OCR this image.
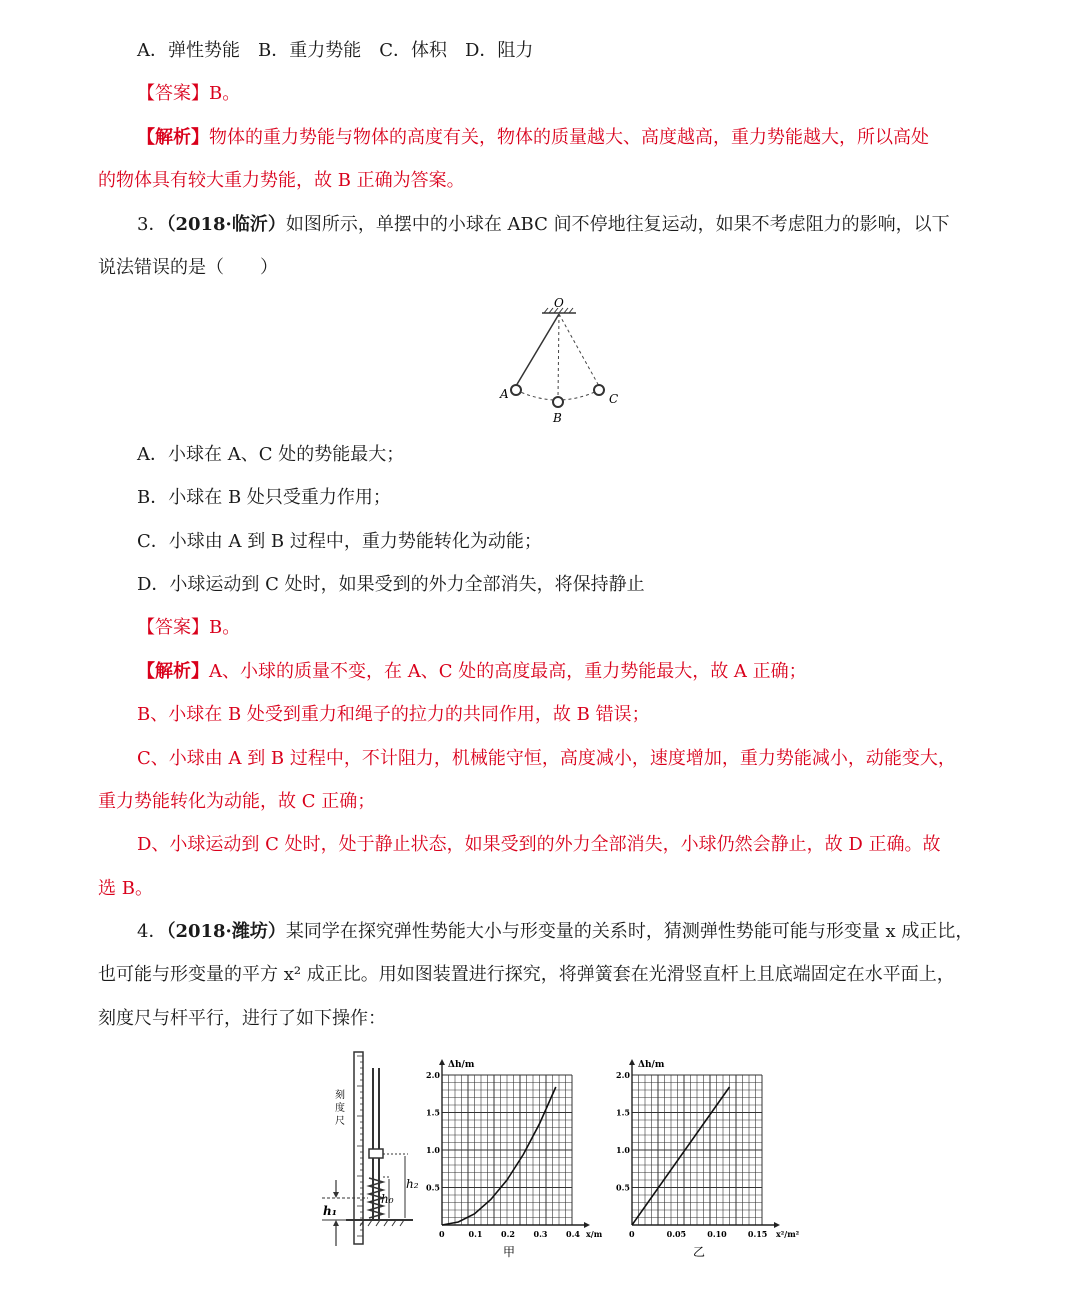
A．弹性势能　B．重力势能　C．体积　D．阻力
【答案】B。
【解析】物体的重力势能与物体的高度有关，物体的质量越大、高度越高，重力势能越大，所以高处
的物体具有较大重力势能，故 B 正确为答案。
3．（2018·临沂）如图所示，单摆中的小球在 ABC 间不停地往复运动，如果不考虑阻力的影响，以下
说法错误的是（　　）
O
A
B
C
A．小球在 A、C 处的势能最大；
B．小球在 B 处只受重力作用；
C．小球由 A 到 B 过程中，重力势能转化为动能；
D．小球运动到 C 处时，如果受到的外力全部消失，将保持静止
【答案】B。
【解析】A、小球的质量不变，在 A、C 处的高度最高，重力势能最大，故 A 正确；
B、小球在 B 处受到重力和绳子的拉力的共同作用，故 B 错误；
C、小球由 A 到 B 过程中，不计阻力，机械能守恒，高度减小，速度增加，重力势能减小，动能变大，
重力势能转化为动能，故 C 正确；
D、小球运动到 C 处时，处于静止状态，如果受到的外力全部消失，小球仍然会静止，故 D 正确。故
选 B。
4．（2018·潍坊）某同学在探究弹性势能大小与形变量的关系时，猜测弹性势能可能与形变量 x 成正比，
也可能与形变量的平方 x² 成正比。用如图装置进行探究，将弹簧套在光滑竖直杆上且底端固定在水平面上，
刻度尺与杆平行，进行了如下操作：
刻 度尺
h₁
h₀
h₂
Δh/m
x/m
甲
0	0.1 0.2 0.3 0.4
0.5
1.0
1.5
2.0
Δh/m
x²/m²
乙
0	0.05	0.10	0.15
0.5
1.0
1.5
2.0
